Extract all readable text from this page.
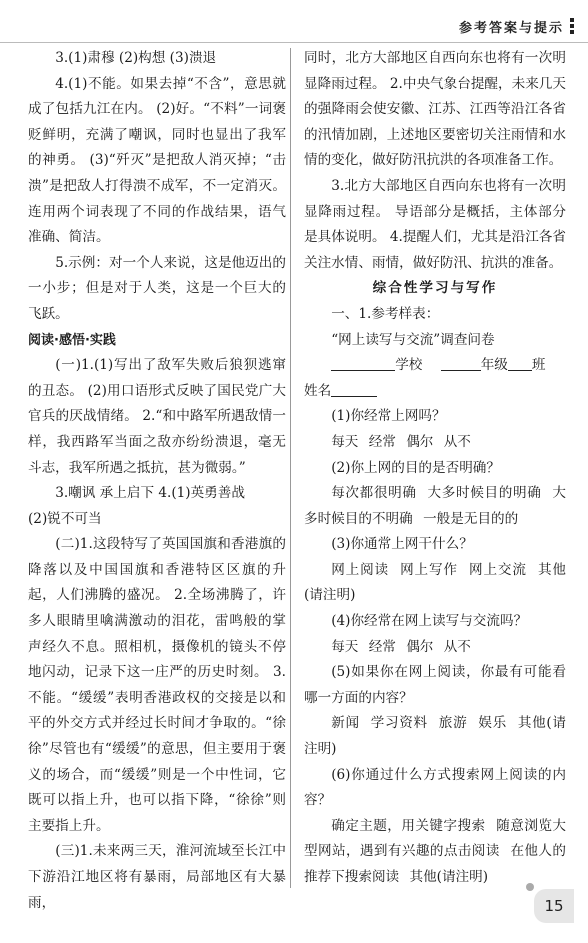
参考答案与提示

3.(1)肃穆 (2)构想 (3)溃退

4.(1)不能。如果去掉“不含”，意思就成了包括九江在内。 (2)好。“不料”一词褒贬鲜明，充满了嘲讽，同时也显出了我军的神勇。 (3)“歼灭”是把敌人消灭掉；“击溃”是把敌人打得溃不成军，不一定消灭。连用两个词表现了不同的作战结果，语气准确、简洁。

5.示例：对一个人来说，这是他迈出的一小步；但是对于人类，这是一个巨大的飞跃。

阅读·感悟·实践

(一)1.(1)写出了敌军失败后狼狈逃窜的丑态。 (2)用口语形式反映了国民党广大官兵的厌战情绪。 2.“和中路军所遇敌情一样，我西路军当面之敌亦纷纷溃退，毫无斗志，我军所遇之抵抗，甚为微弱。”

3.嘲讽 承上启下 4.(1)英勇善战

(2)锐不可当

(二)1.这段特写了英国国旗和香港旗的降落以及中国国旗和香港特区区旗的升起，人们沸腾的盛况。 2.全场沸腾了，许多人眼睛里噙满激动的泪花，雷鸣般的掌声经久不息。照相机，摄像机的镜头不停地闪动，记录下这一庄严的历史时刻。 3.不能。“缓缓”表明香港政权的交接是以和平的外交方式并经过长时间才争取的。“徐徐”尽管也有“缓缓”的意思，但主要用于褒义的场合，而“缓缓”则是一个中性词，它既可以指上升，也可以指下降，“徐徐”则主要指上升。

(三)1.未来两三天，淮河流域至长江中下游沿江地区将有暴雨，局部地区有大暴雨，

同时，北方大部地区自西向东也将有一次明显降雨过程。 2.中央气象台提醒，未来几天的强降雨会使安徽、江苏、江西等沿江各省的汛情加剧，上述地区要密切关注雨情和水情的变化，做好防汛抗洪的各项准备工作。

3.北方大部地区自西向东也将有一次明显降雨过程。 导语部分是概括，主体部分是具体说明。 4.提醒人们，尤其是沿江各省关注水情、雨情，做好防汛、抗洪的准备。

综合性学习与写作

一、1.参考样表：

“网上读写与交流”调查问卷

学校	年级 班

姓名

(1)你经常上网吗？

每天 经常 偶尔 从不

(2)你上网的目的是否明确？

每次都很明确 大多时候目的明确 大多时候目的不明确 一般是无目的的

(3)你通常上网干什么？

网上阅读 网上写作 网上交流 其他(请注明)

(4)你经常在网上读写与交流吗？

每天 经常 偶尔 从不

(5)如果你在网上阅读，你最有可能看哪一方面的内容？

新闻 学习资料 旅游 娱乐 其他(请注明)

(6)你通过什么方式搜索网上阅读的内容？

确定主题，用关键字搜索 随意浏览大型网站，遇到有兴趣的点击阅读 在他人的推荐下搜索阅读 其他(请注明)

15
